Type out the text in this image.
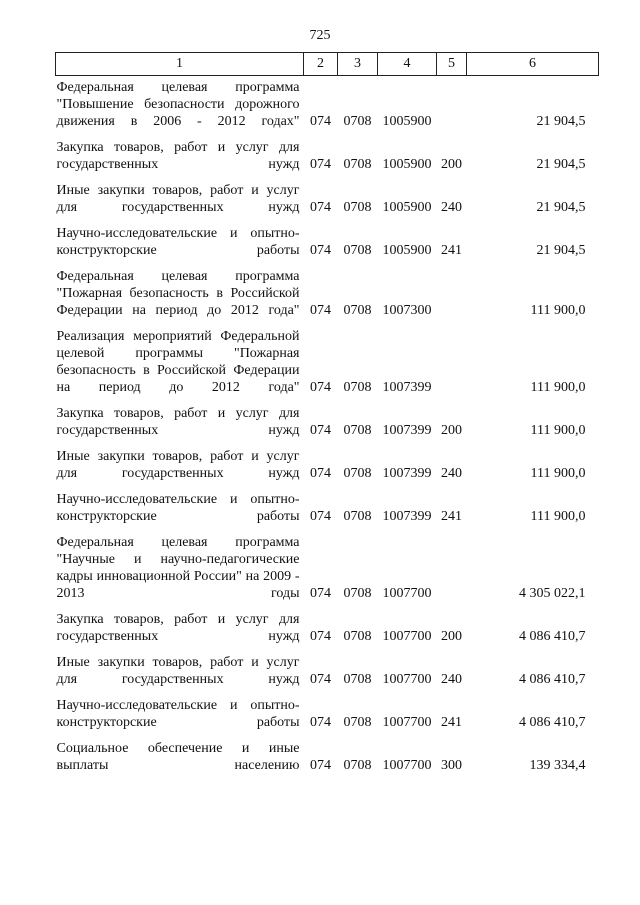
725
1	2	3	4	5	6
Федеральная целевая программа "Повышение безопасности дорожного движения в 2006 - 2012 годах"	074	0708	1005900		21 904,5
Закупка товаров, работ и услуг для государственных нужд	074	0708	1005900	200	21 904,5
Иные закупки товаров, работ и услуг для государственных нужд	074	0708	1005900	240	21 904,5
Научно-исследовательские и опытно-конструкторские работы	074	0708	1005900	241	21 904,5
Федеральная целевая программа "Пожарная безопасность в Российской Федерации на период до 2012 года"	074	0708	1007300		111 900,0
Реализация мероприятий Федеральной целевой программы "Пожарная безопасность в Российской Федерации на период до 2012 года"	074	0708	1007399		111 900,0
Закупка товаров, работ и услуг для государственных нужд	074	0708	1007399	200	111 900,0
Иные закупки товаров, работ и услуг для государственных нужд	074	0708	1007399	240	111 900,0
Научно-исследовательские и опытно-конструкторские работы	074	0708	1007399	241	111 900,0
Федеральная целевая программа "Научные и научно-педагогические кадры инновационной России" на 2009 - 2013 годы	074	0708	1007700		4 305 022,1
Закупка товаров, работ и услуг для государственных нужд	074	0708	1007700	200	4 086 410,7
Иные закупки товаров, работ и услуг для государственных нужд	074	0708	1007700	240	4 086 410,7
Научно-исследовательские и опытно-конструкторские работы	074	0708	1007700	241	4 086 410,7
Социальное обеспечение и иные выплаты населению	074	0708	1007700	300	139 334,4
